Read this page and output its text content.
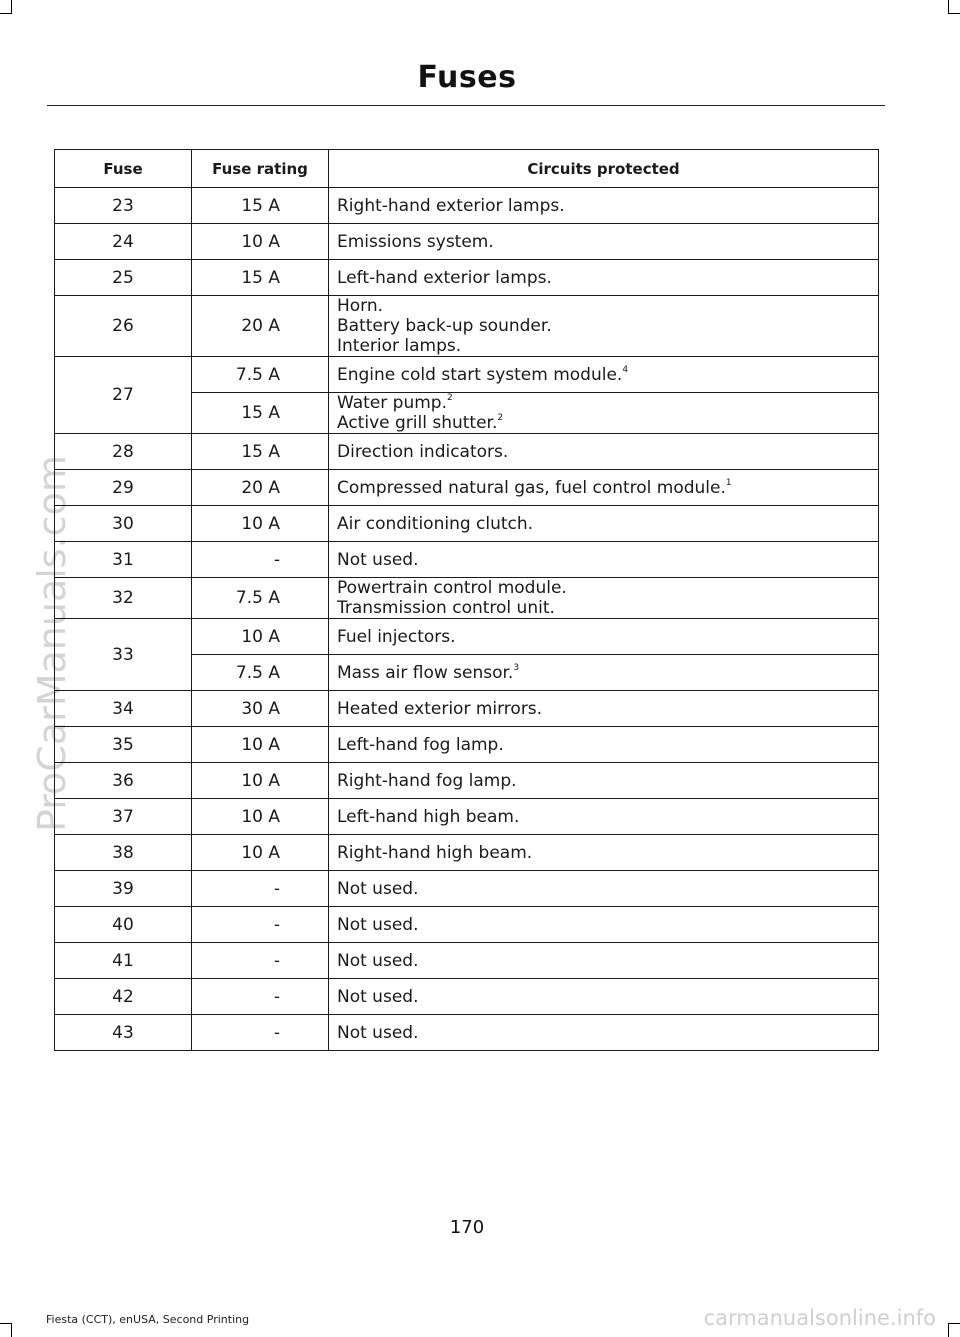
ProCarManuals.com
Fuses
Fuse	Fuse rating	Circuits protected
23	15 A	Right-hand exterior lamps.

24	10 A	Emissions system.

25	15 A	Left-hand exterior lamps.

26	20 A	Horn.
Battery back-up sounder.
Interior lamps.

27	7.5 A	Engine cold start system module.$^4$

	15 A	Water pump.$^2$
Active grill shutter.$^2$

28	15 A	Direction indicators.

29	20 A	Compressed natural gas, fuel control module.$^1$

30	10 A	Air conditioning clutch.

31	-	Not used.

32	7.5 A	Powertrain control module.
Transmission control unit.

33	10 A	Fuel injectors.

	7.5 A	Mass air flow sensor.$^3$

34	30 A	Heated exterior mirrors.

35	10 A	Left-hand fog lamp.

36	10 A	Right-hand fog lamp.

37	10 A	Left-hand high beam.

38	10 A	Right-hand high beam.

39	-	Not used.

40	-	Not used.

41	-	Not used.

42	-	Not used.

43	-	Not used.
170
Fiesta (CCT), enUSA, Second Printing	carmanualsonline.info
